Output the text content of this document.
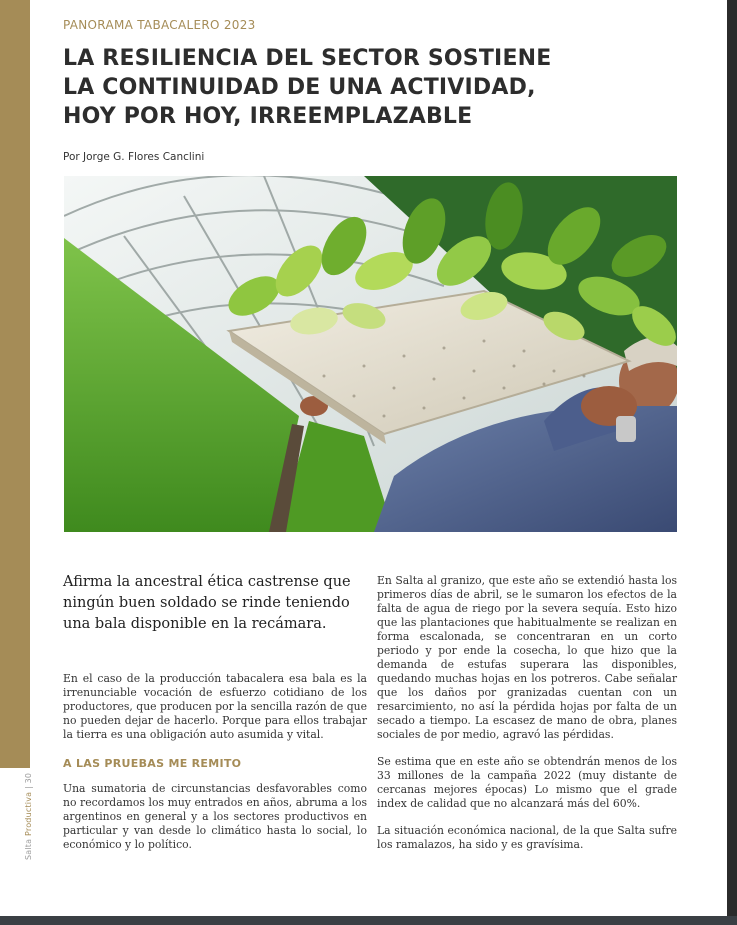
Salta Productiva | 30
PANORAMA TABACALERO 2023
LA RESILIENCIA DEL SECTOR SOSTIENE
LA CONTINUIDAD DE UNA ACTIVIDAD,
HOY POR HOY, IRREEMPLAZABLE
Por Jorge G. Flores Canclini

Afirma la ancestral ética castrense que ningún buen soldado se rinde teniendo una bala disponible en la recámara.

En el caso de la producción tabacalera esa bala es la irrenunciable vocación de esfuerzo cotidiano de los productores, que producen por la sencilla razón de que no pueden dejar de hacerlo. Porque para ellos trabajar la tierra es una obligación auto asumida y vital.

A LAS PRUEBAS ME REMITO

Una sumatoria de circunstancias desfavorables como no recordamos los muy entrados en años, abruma a los argentinos en general y a los sectores productivos en particular y van desde lo climático hasta lo social, lo económico y lo político.

En Salta al granizo, que este año se extendió hasta los primeros días de abril, se le sumaron los efectos de la falta de agua de riego por la severa sequía. Esto hizo que las plantaciones que habitualmente se realizan en forma escalonada, se concentraran en un corto periodo y por ende la cosecha, lo que hizo que la demanda de estufas superara las disponibles, quedando muchas hojas en los potreros. Cabe señalar que los daños por granizadas cuentan con un resarcimiento, no así la pérdida hojas por falta de un secado a tiempo. La escasez de mano de obra, planes sociales de por medio, agravó las pérdidas.

Se estima que en este año se obtendrán menos de los 33 millones de la campaña 2022 (muy distante de cercanas mejores épocas) Lo mismo que el grade index de calidad que no alcanzará más del 60%.

La situación económica nacional, de la que Salta sufre los ramalazos, ha sido y es gravísima.
